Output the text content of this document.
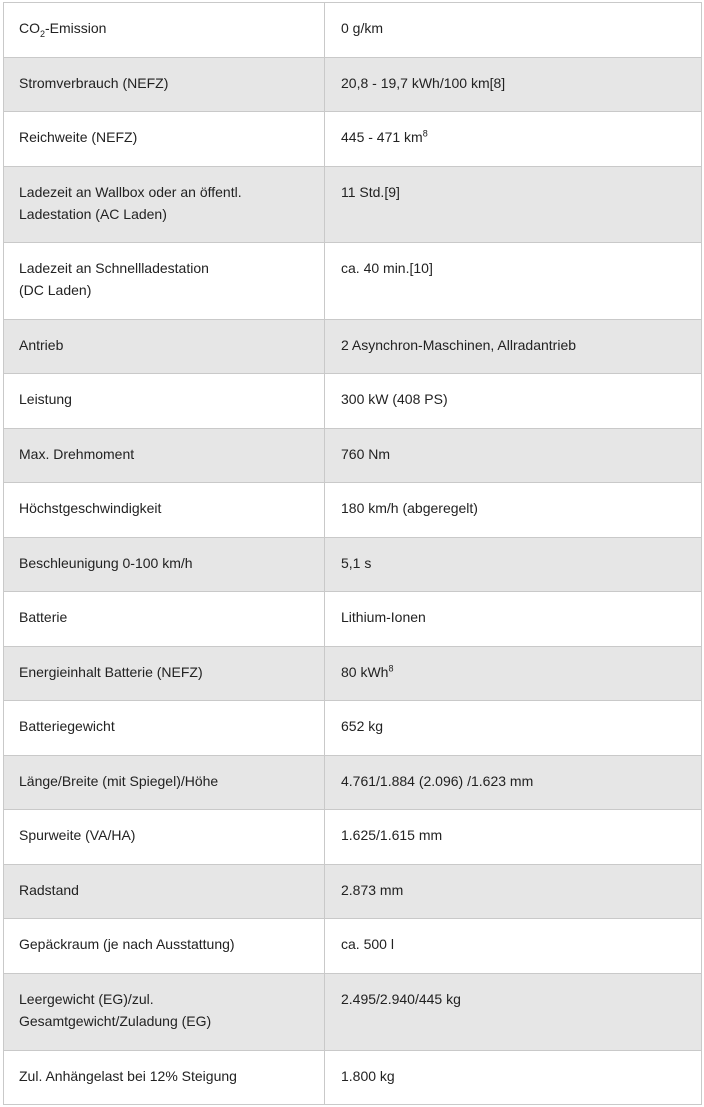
$CO_2$-Emission	0 g/km
Stromverbrauch (NEFZ)	20,8 - 19,7 kWh/100 km[8]
Reichweite (NEFZ)	445 - 471 $km^8$
Ladezeit an Wallbox oder an öffentl.
Ladestation (AC Laden)	11 Std.[9]
Ladezeit an Schnellladestation
(DC Laden)	ca. 40 min.[10]
Antrieb	2 Asynchron-Maschinen, Allradantrieb
Leistung	300 kW (408 PS)
Max. Drehmoment	760 Nm
Höchstgeschwindigkeit	180 km/h (abgeregelt)
Beschleunigung 0-100 km/h	5,1 s
Batterie	Lithium-Ionen
Energieinhalt Batterie (NEFZ)	80 kWh$^8$
Batteriegewicht	652 kg
Länge/Breite (mit Spiegel)/Höhe	4.761/1.884 (2.096) /1.623 mm
Spurweite (VA/HA)	1.625/1.615 mm
Radstand	2.873 mm
Gepäckraum (je nach Ausstattung)	ca. 500 l
Leergewicht (EG)/zul.
Gesamtgewicht/Zuladung (EG)	2.495/2.940/445 kg
Zul. Anhängelast bei 12% Steigung	1.800 kg
